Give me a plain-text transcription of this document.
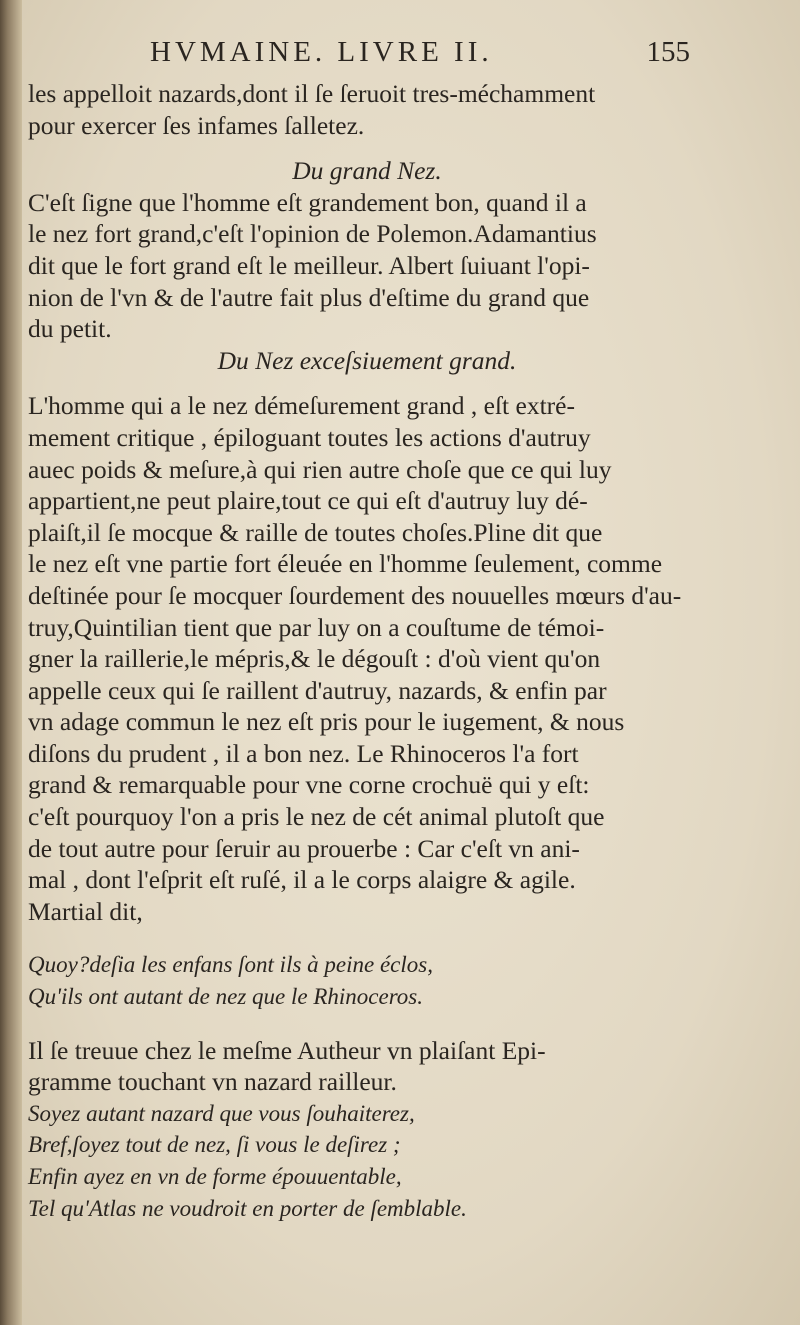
HVMAINE. LIVRE II.	155
les appelloit nazards,dont il ſe ſeruoit tres-méchamment
pour exercer ſes infames ſalletez.
Du grand Nez.
C'eſt ſigne que l'homme eſt grandement bon, quand il a
le nez fort grand,c'eſt l'opinion de Polemon.Adamantius
dit que le fort grand eſt le meilleur. Albert ſuiuant l'opi-
nion de l'vn & de l'autre fait plus d'eſtime du grand que
du petit.
Du Nez exceſsiuement grand.
L'homme qui a le nez démeſurement grand , eſt extré-
mement critique , épiloguant toutes les actions d'autruy
auec poids & meſure,à qui rien autre choſe que ce qui luy
appartient,ne peut plaire,tout ce qui eſt d'autruy luy dé-
plaiſt,il ſe mocque & raille de toutes choſes.Pline dit que
le nez eſt vne partie fort éleuée en l'homme ſeulement, comme
deſtinée pour ſe mocquer ſourdement des nouuelles mœurs d'au-
truy,Quintilian tient que par luy on a couſtume de témoi-
gner la raillerie,le mépris,& le dégouſt : d'où vient qu'on
appelle ceux qui ſe raillent d'autruy, nazards, & enfin par
vn adage commun le nez eſt pris pour le iugement, & nous
diſons du prudent , il a bon nez. Le Rhinoceros l'a fort
grand & remarquable pour vne corne crochuë qui y eſt:
c'eſt pourquoy l'on a pris le nez de cét animal plutoſt que
de tout autre pour ſeruir au prouerbe : Car c'eſt vn ani-
mal , dont l'eſprit eſt ruſé, il a le corps alaigre & agile.
Martial dit,
Quoy?deſia les enfans ſont ils à peine éclos,
Qu'ils ont autant de nez que le Rhinoceros.
Il ſe treuue chez le meſme Autheur vn plaiſant Epi-
gramme touchant vn nazard railleur.
Soyez autant nazard que vous ſouhaiterez,
Bref,ſoyez tout de nez, ſi vous le deſirez ;
Enfin ayez en vn de forme épouuentable,
Tel qu'Atlas ne voudroit en porter de ſemblable.
